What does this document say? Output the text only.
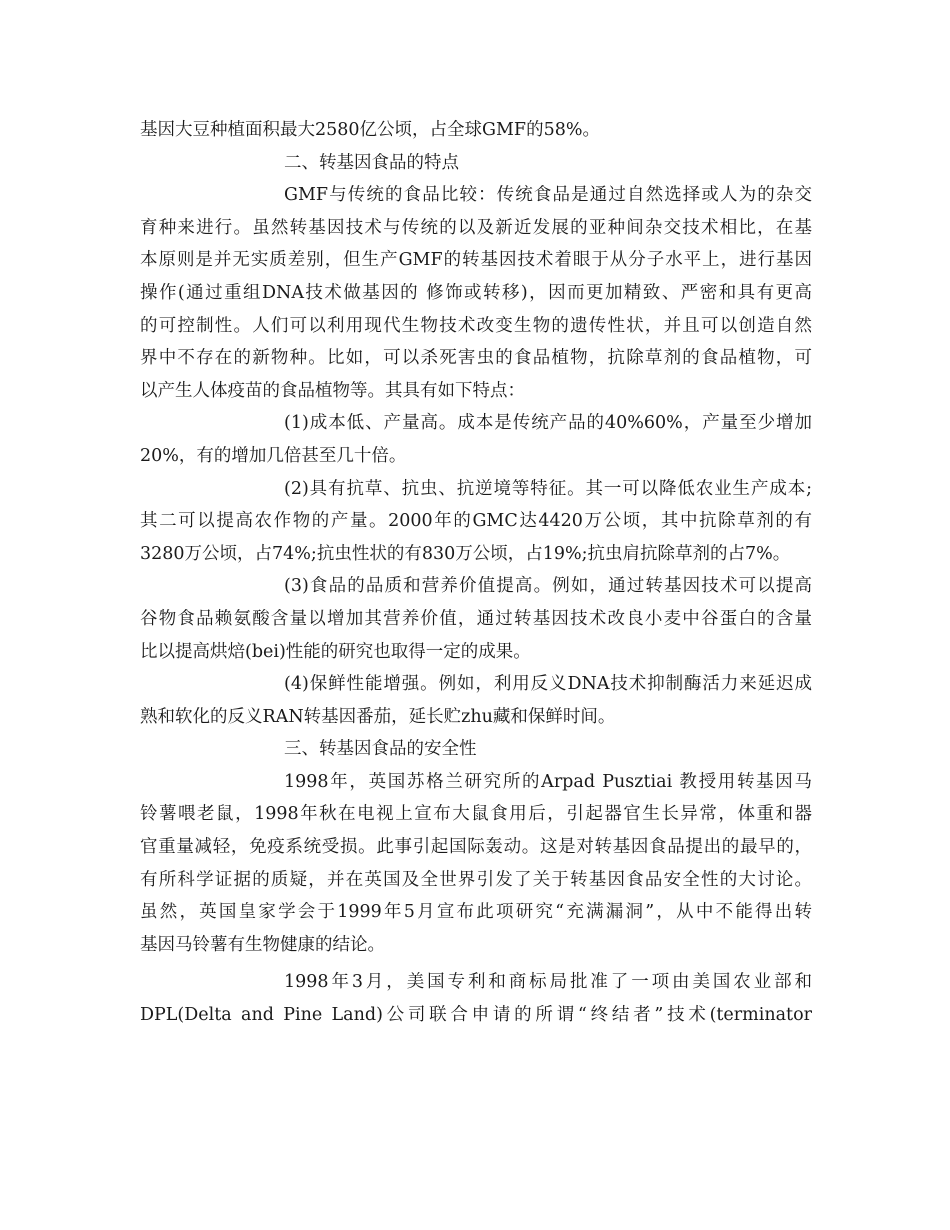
基因大豆种植面积最大2580亿公顷，占全球GMF的58%。
二、转基因食品的特点
GMF与传统的食品比较：传统食品是通过自然选择或人为的杂交
育种来进行。虽然转基因技术与传统的以及新近发展的亚种间杂交技术相比，在基
本原则是并无实质差别，但生产GMF的转基因技术着眼于从分子水平上，进行基因
操作(通过重组DNA技术做基因的 修饰或转移)，因而更加精致、严密和具有更高
的可控制性。人们可以利用现代生物技术改变生物的遗传性状，并且可以创造自然
界中不存在的新物种。比如，可以杀死害虫的食品植物，抗除草剂的食品植物，可
以产生人体疫苗的食品植物等。其具有如下特点：
(1)成本低、产量高。成本是传统产品的40%60%，产量至少增加
20%，有的增加几倍甚至几十倍。
(2)具有抗草、抗虫、抗逆境等特征。其一可以降低农业生产成本;
其二可以提高农作物的产量。2000年的GMC达4420万公顷，其中抗除草剂的有
3280万公顷，占74%;抗虫性状的有830万公顷，占19%;抗虫肩抗除草剂的占7%。
(3)食品的品质和营养价值提高。例如，通过转基因技术可以提高
谷物食品赖氨酸含量以增加其营养价值，通过转基因技术改良小麦中谷蛋白的含量
比以提高烘焙(bei)性能的研究也取得一定的成果。
(4)保鲜性能增强。例如，利用反义DNA技术抑制酶活力来延迟成
熟和软化的反义RAN转基因番茄，延长贮zhu藏和保鲜时间。
三、转基因食品的安全性
1998年，英国苏格兰研究所的Arpad Pusztiai 教授用转基因马
铃薯喂老鼠，1998年秋在电视上宣布大鼠食用后，引起器官生长异常，体重和器
官重量减轻，免疫系统受损。此事引起国际轰动。这是对转基因食品提出的最早的，
有所科学证据的质疑，并在英国及全世界引发了关于转基因食品安全性的大讨论。
虽然，英国皇家学会于1999年5月宣布此项研究“充满漏洞”，从中不能得出转
基因马铃薯有生物健康的结论。
1998年3月，美国专利和商标局批准了一项由美国农业部和
DPL(Delta and Pine Land)公司联合申请的所谓“终结者”技术(terminator
